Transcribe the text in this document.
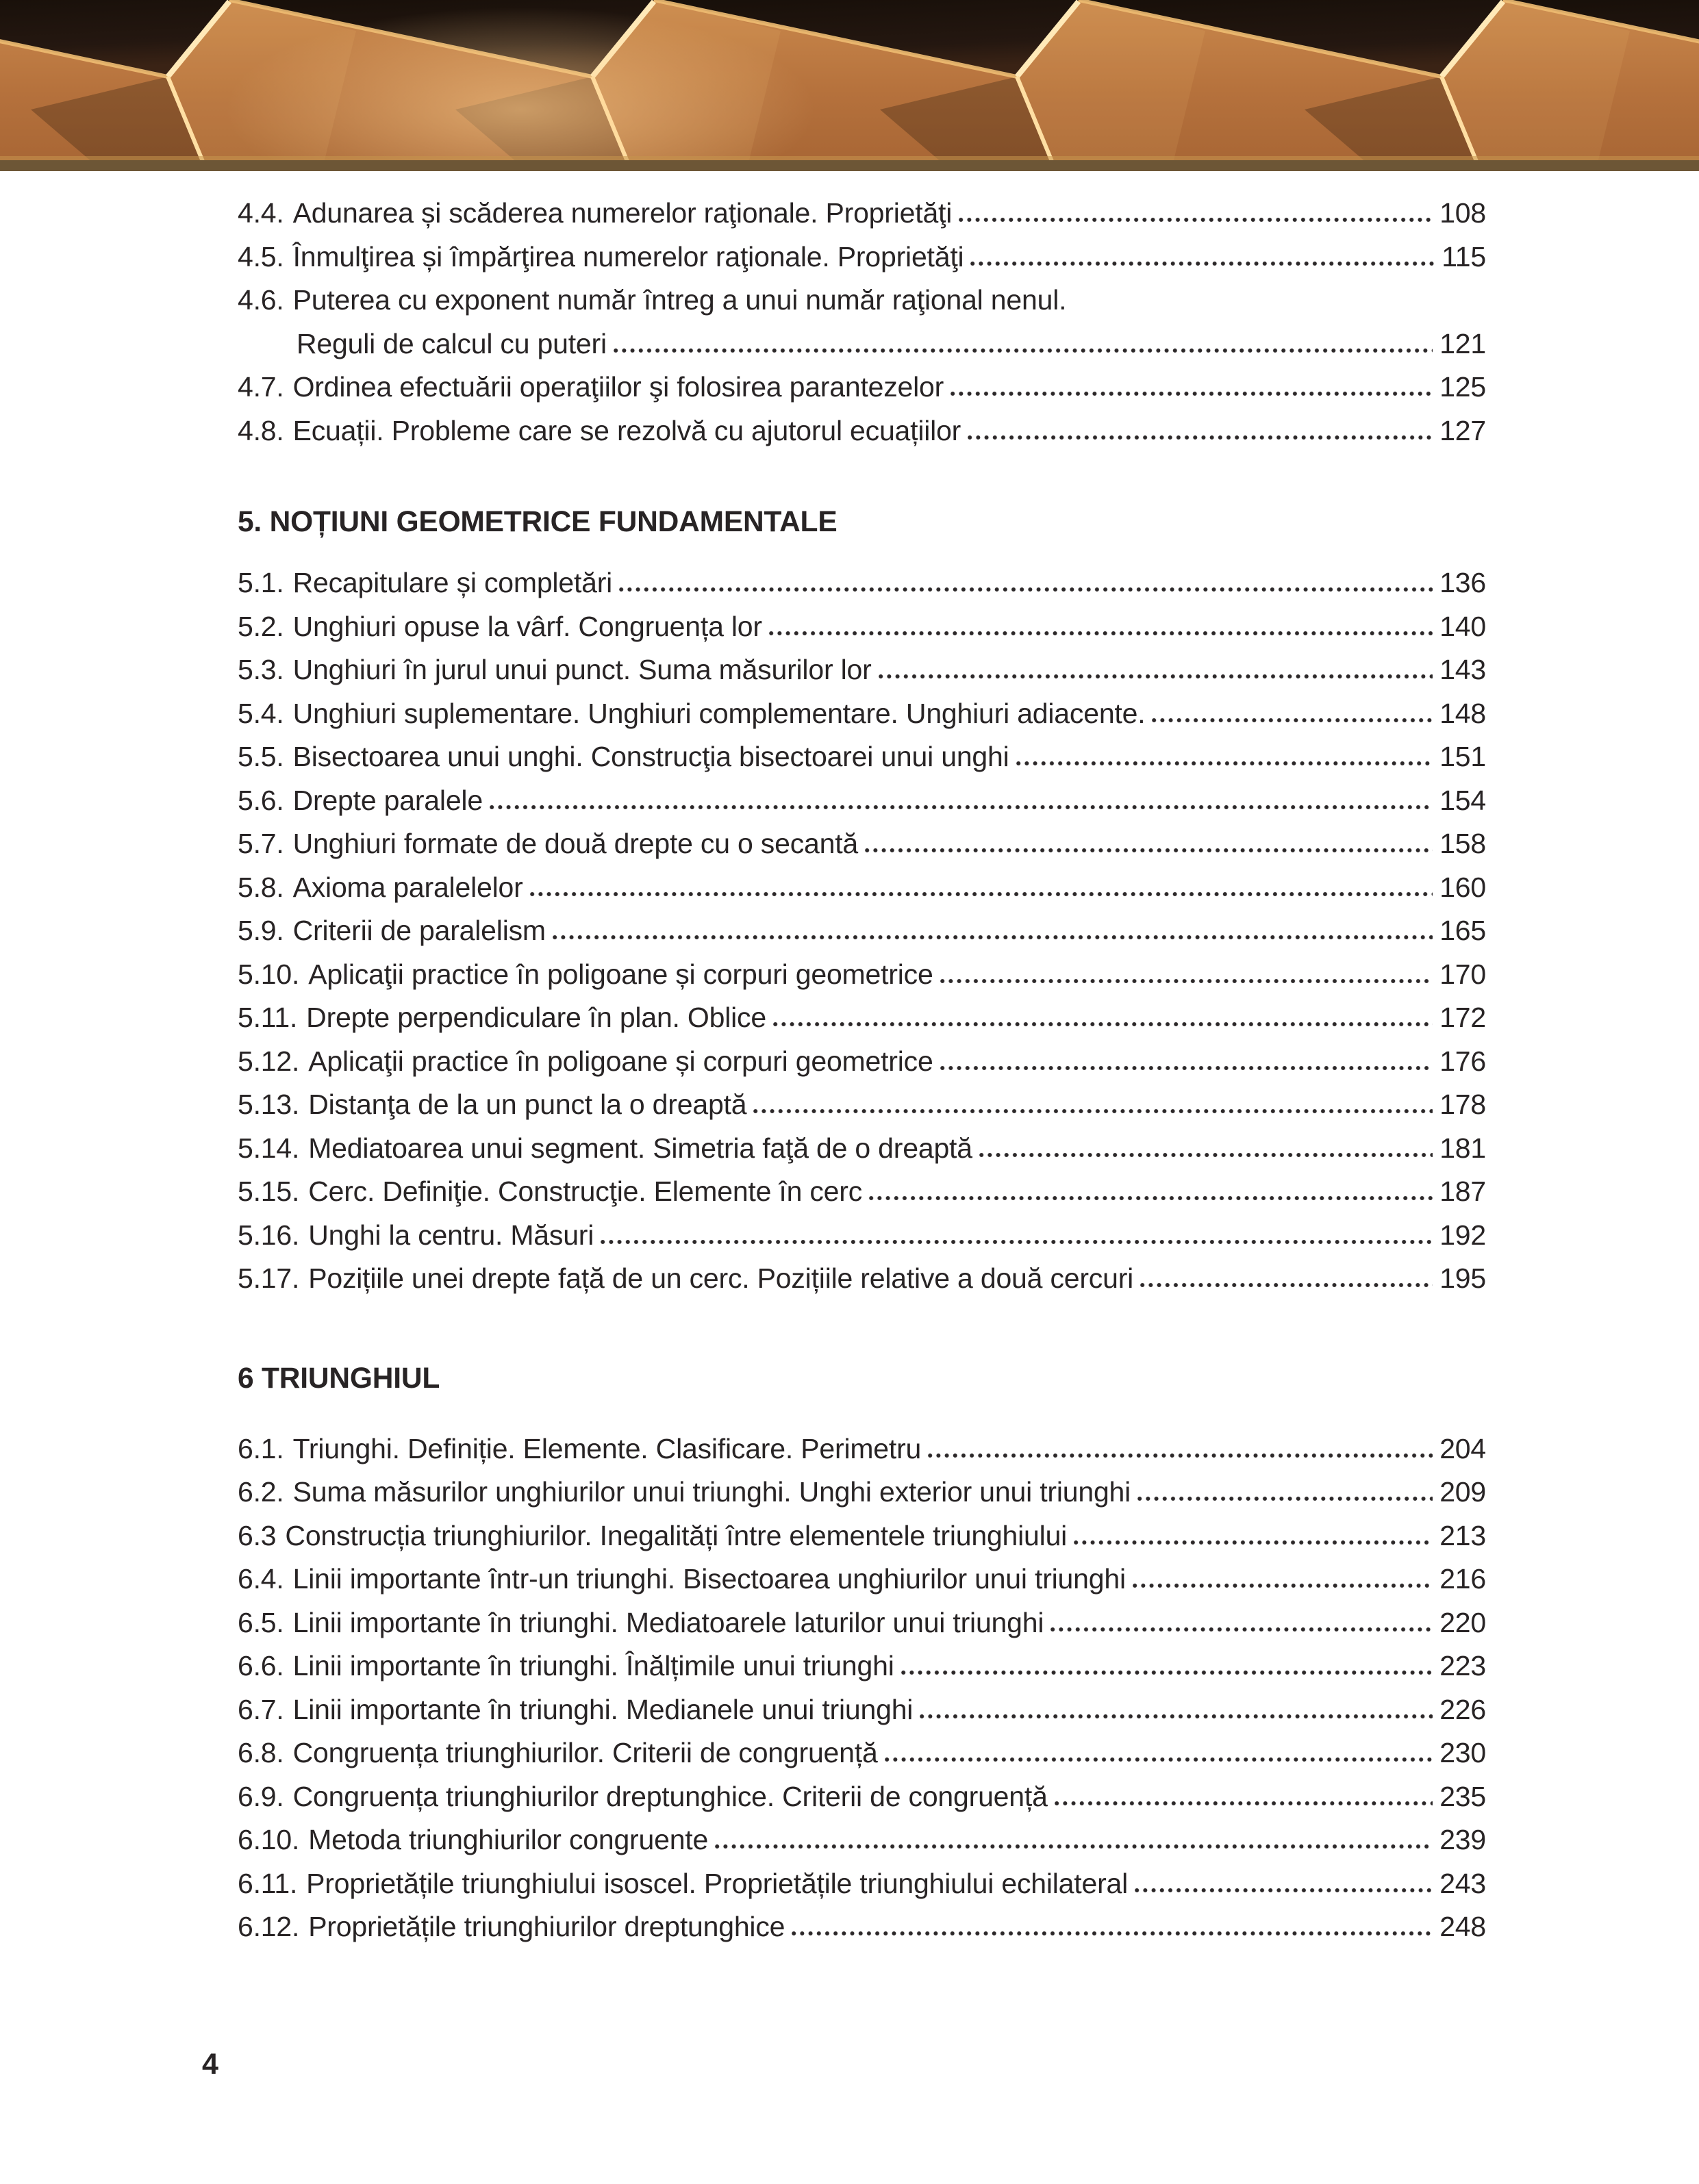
4.4. Adunarea și scăderea numerelor raţionale. Proprietăţi	108
4.5. Înmulţirea și împărţirea numerelor raţionale. Proprietăţi	115
4.6. Puterea cu exponent număr întreg a unui număr raţional nenul.
Reguli de calcul cu puteri	121
4.7. Ordinea efectuării operaţiilor şi folosirea parantezelor	125
4.8. Ecuații. Probleme care se rezolvă cu ajutorul ecuațiilor	127
5. NOȚIUNI GEOMETRICE FUNDAMENTALE
5.1. Recapitulare și completări	136
5.2. Unghiuri opuse la vârf. Congruența lor	140
5.3. Unghiuri în jurul unui punct. Suma măsurilor lor	143
5.4. Unghiuri suplementare. Unghiuri complementare. Unghiuri adiacente.	148
5.5. Bisectoarea unui unghi. Construcţia bisectoarei unui unghi	151
5.6. Drepte paralele	154
5.7. Unghiuri formate de două drepte cu o secantă	158
5.8. Axioma paralelelor	160
5.9. Criterii de paralelism	165
5.10. Aplicaţii practice în poligoane și corpuri geometrice	170
5.11. Drepte perpendiculare în plan. Oblice	172
5.12. Aplicaţii practice în poligoane și corpuri geometrice	176
5.13. Distanţa de la un punct la o dreaptă	178
5.14. Mediatoarea unui segment. Simetria faţă de o dreaptă	181
5.15. Cerc. Definiţie. Construcţie. Elemente în cerc	187
5.16. Unghi la centru. Măsuri	192
5.17. Pozițiile unei drepte față de un cerc. Pozițiile relative a două cercuri	195
6 TRIUNGHIUL
6.1. Triunghi. Definiție. Elemente. Clasificare. Perimetru	204
6.2. Suma măsurilor unghiurilor unui triunghi. Unghi exterior unui triunghi	209
6.3 Construcția triunghiurilor. Inegalități între elementele triunghiului	213
6.4. Linii importante într-un triunghi. Bisectoarea unghiurilor unui triunghi	216
6.5. Linii importante în triunghi. Mediatoarele laturilor unui triunghi	220
6.6. Linii importante în triunghi. Înălțimile unui triunghi	223
6.7. Linii importante în triunghi. Medianele unui triunghi	226
6.8. Congruența triunghiurilor. Criterii de congruență	230
6.9. Congruența triunghiurilor dreptunghice. Criterii de congruență	235
6.10. Metoda triunghiurilor congruente	239
6.11. Proprietățile triunghiului isoscel. Proprietățile triunghiului echilateral	243
6.12. Proprietățile triunghiurilor dreptunghice	248
4
